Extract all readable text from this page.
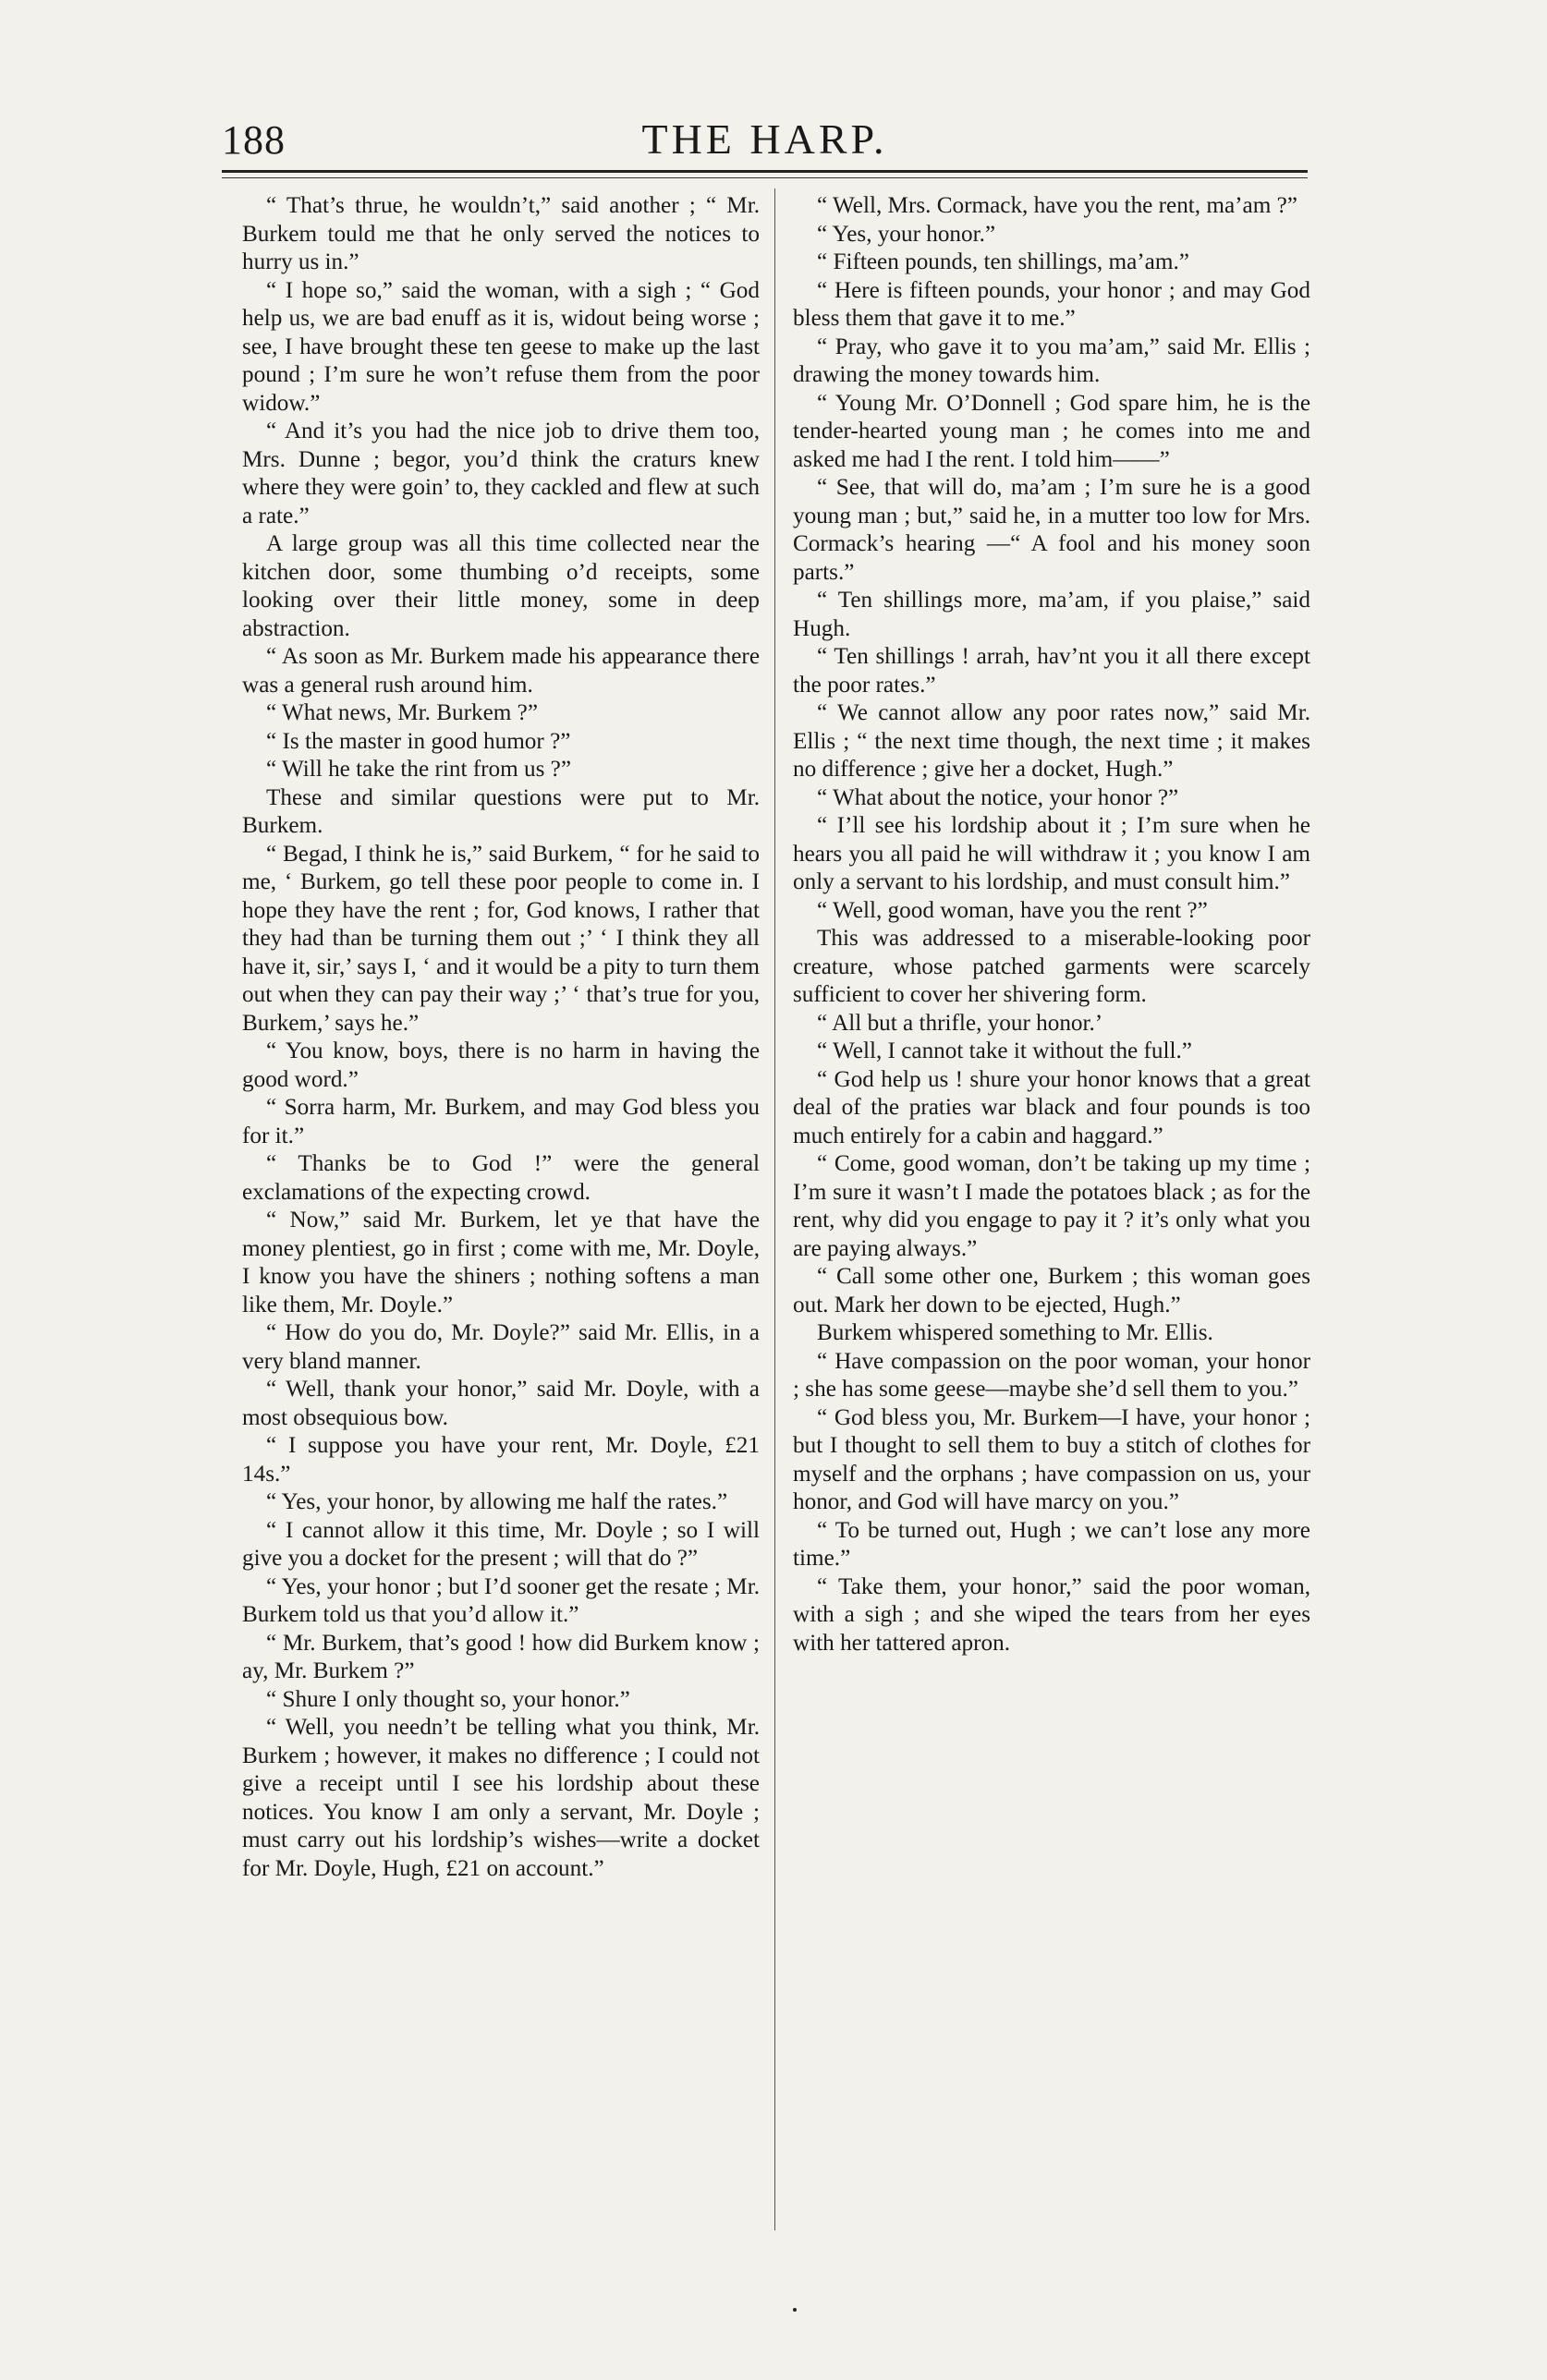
188	THE HARP.

“ That’s thrue, he wouldn’t,” said another ; “ Mr. Burkem tould me that he only served the notices to hurry us in.”

“ I hope so,” said the woman, with a sigh ; “ God help us, we are bad enuff as it is, widout being worse ; see, I have brought these ten geese to make up the last pound ; I’m sure he won’t refuse them from the poor widow.”

“ And it’s you had the nice job to drive them too, Mrs. Dunne ; begor, you’d think the craturs knew where they were goin’ to, they cackled and flew at such a rate.”

A large group was all this time collected near the kitchen door, some thumbing o’d receipts, some looking over their little money, some in deep abstraction.

“ As soon as Mr. Burkem made his appearance there was a general rush around him.

“ What news, Mr. Burkem ?”

“ Is the master in good humor ?”

“ Will he take the rint from us ?”

These and similar questions were put to Mr. Burkem.

“ Begad, I think he is,” said Burkem, “ for he said to me, ‘ Burkem, go tell these poor people to come in. I hope they have the rent ; for, God knows, I rather that they had than be turning them out ;’ ‘ I think they all have it, sir,’ says I, ‘ and it would be a pity to turn them out when they can pay their way ;’ ‘ that’s true for you, Burkem,’ says he.”

“ You know, boys, there is no harm in having the good word.”

“ Sorra harm, Mr. Burkem, and may God bless you for it.”

“ Thanks be to God !” were the general exclamations of the expecting crowd.

“ Now,” said Mr. Burkem, let ye that have the money plentiest, go in first ; come with me, Mr. Doyle, I know you have the shiners ; nothing softens a man like them, Mr. Doyle.”

“ How do you do, Mr. Doyle?” said Mr. Ellis, in a very bland manner.

“ Well, thank your honor,” said Mr. Doyle, with a most obsequious bow.

“ I suppose you have your rent, Mr. Doyle, £21 14s.”

“ Yes, your honor, by allowing me half the rates.”

“ I cannot allow it this time, Mr. Doyle ; so I will give you a docket for the present ; will that do ?”

“ Yes, your honor ; but I’d sooner get the resate ; Mr. Burkem told us that you’d allow it.”

“ Mr. Burkem, that’s good ! how did Burkem know ; ay, Mr. Burkem ?”

“ Shure I only thought so, your honor.”

“ Well, you needn’t be telling what you think, Mr. Burkem ; however, it makes no difference ; I could not give a receipt until I see his lordship about these notices. You know I am only a servant, Mr. Doyle ; must carry out his lordship’s wishes—write a docket for Mr. Doyle, Hugh, £21 on account.”

“ Well, Mrs. Cormack, have you the rent, ma’am ?”

“ Yes, your honor.”

“ Fifteen pounds, ten shillings, ma’am.”

“ Here is fifteen pounds, your honor ; and may God bless them that gave it to me.”

“ Pray, who gave it to you ma’am,” said Mr. Ellis ; drawing the money towards him.

“ Young Mr. O’Donnell ; God spare him, he is the tender-hearted young man ; he comes into me and asked me had I the rent. I told him——”

“ See, that will do, ma’am ; I’m sure he is a good young man ; but,” said he, in a mutter too low for Mrs. Cormack’s hearing —“ A fool and his money soon parts.”

“ Ten shillings more, ma’am, if you plaise,” said Hugh.

“ Ten shillings ! arrah, hav’nt you it all there except the poor rates.”

“ We cannot allow any poor rates now,” said Mr. Ellis ; “ the next time though, the next time ; it makes no difference ; give her a docket, Hugh.”

“ What about the notice, your honor ?”

“ I’ll see his lordship about it ; I’m sure when he hears you all paid he will withdraw it ; you know I am only a servant to his lordship, and must consult him.”

“ Well, good woman, have you the rent ?”

This was addressed to a miserable-looking poor creature, whose patched garments were scarcely sufficient to cover her shivering form.

“ All but a thrifle, your honor.’

“ Well, I cannot take it without the full.”

“ God help us ! shure your honor knows that a great deal of the praties war black and four pounds is too much entirely for a cabin and haggard.”

“ Come, good woman, don’t be taking up my time ; I’m sure it wasn’t I made the potatoes black ; as for the rent, why did you engage to pay it ? it’s only what you are paying always.”

“ Call some other one, Burkem ; this woman goes out. Mark her down to be ejected, Hugh.”

Burkem whispered something to Mr. Ellis.

“ Have compassion on the poor woman, your honor ; she has some geese—maybe she’d sell them to you.”

“ God bless you, Mr. Burkem—I have, your honor ; but I thought to sell them to buy a stitch of clothes for myself and the orphans ; have compassion on us, your honor, and God will have marcy on you.”

“ To be turned out, Hugh ; we can’t lose any more time.”

“ Take them, your honor,” said the poor woman, with a sigh ; and she wiped the tears from her eyes with her tattered apron.
